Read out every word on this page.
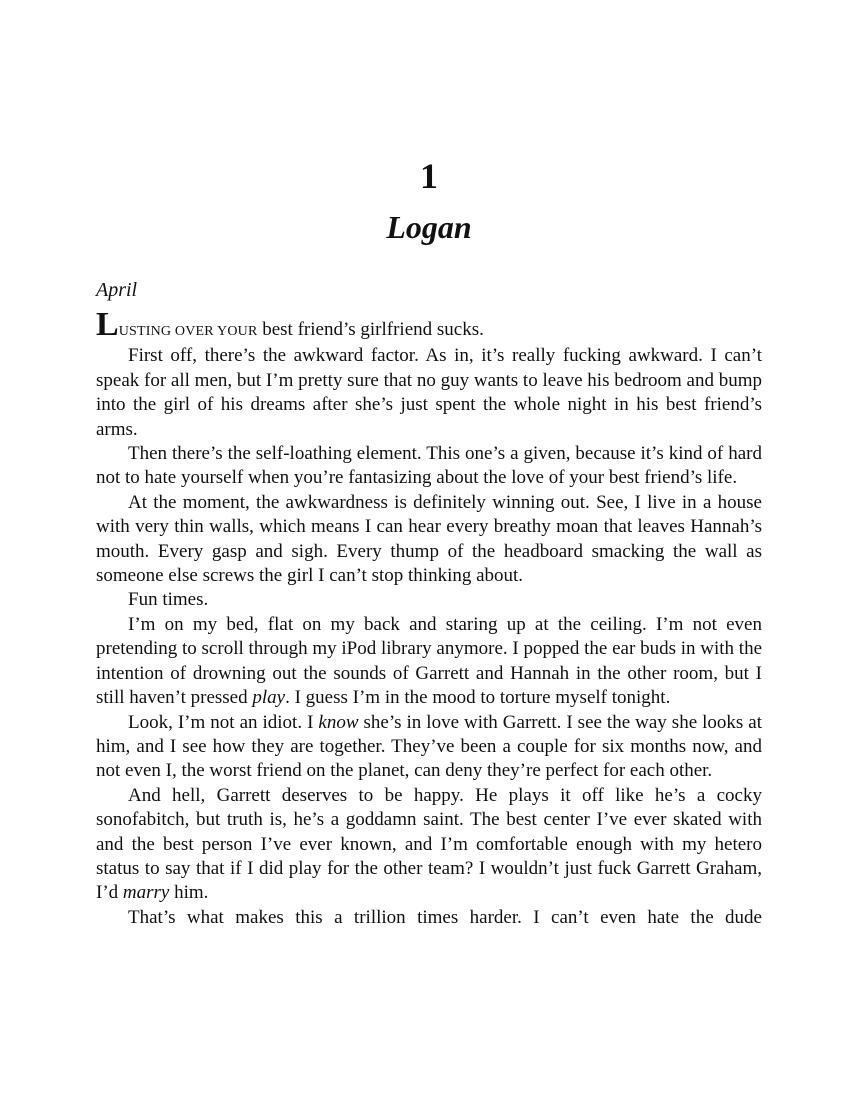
1
Logan
April

LUSTING OVER YOUR best friend’s girlfriend sucks.

First off, there’s the awkward factor. As in, it’s really fucking awkward. I can’t speak for all men, but I’m pretty sure that no guy wants to leave his bedroom and bump into the girl of his dreams after she’s just spent the whole night in his best friend’s arms.

Then there’s the self-loathing element. This one’s a given, because it’s kind of hard not to hate yourself when you’re fantasizing about the love of your best friend’s life.

At the moment, the awkwardness is definitely winning out. See, I live in a house with very thin walls, which means I can hear every breathy moan that leaves Hannah’s mouth. Every gasp and sigh. Every thump of the headboard smacking the wall as someone else screws the girl I can’t stop thinking about.

Fun times.

I’m on my bed, flat on my back and staring up at the ceiling. I’m not even pretending to scroll through my iPod library anymore. I popped the ear buds in with the intention of drowning out the sounds of Garrett and Hannah in the other room, but I still haven’t pressed play. I guess I’m in the mood to torture myself tonight.

Look, I’m not an idiot. I know she’s in love with Garrett. I see the way she looks at him, and I see how they are together. They’ve been a couple for six months now, and not even I, the worst friend on the planet, can deny they’re perfect for each other.

And hell, Garrett deserves to be happy. He plays it off like he’s a cocky sonofabitch, but truth is, he’s a goddamn saint. The best center I’ve ever skated with and the best person I’ve ever known, and I’m comfortable enough with my hetero status to say that if I did play for the other team? I wouldn’t just fuck Garrett Graham, I’d marry him.

That’s what makes this a trillion times harder. I can’t even hate the dude
